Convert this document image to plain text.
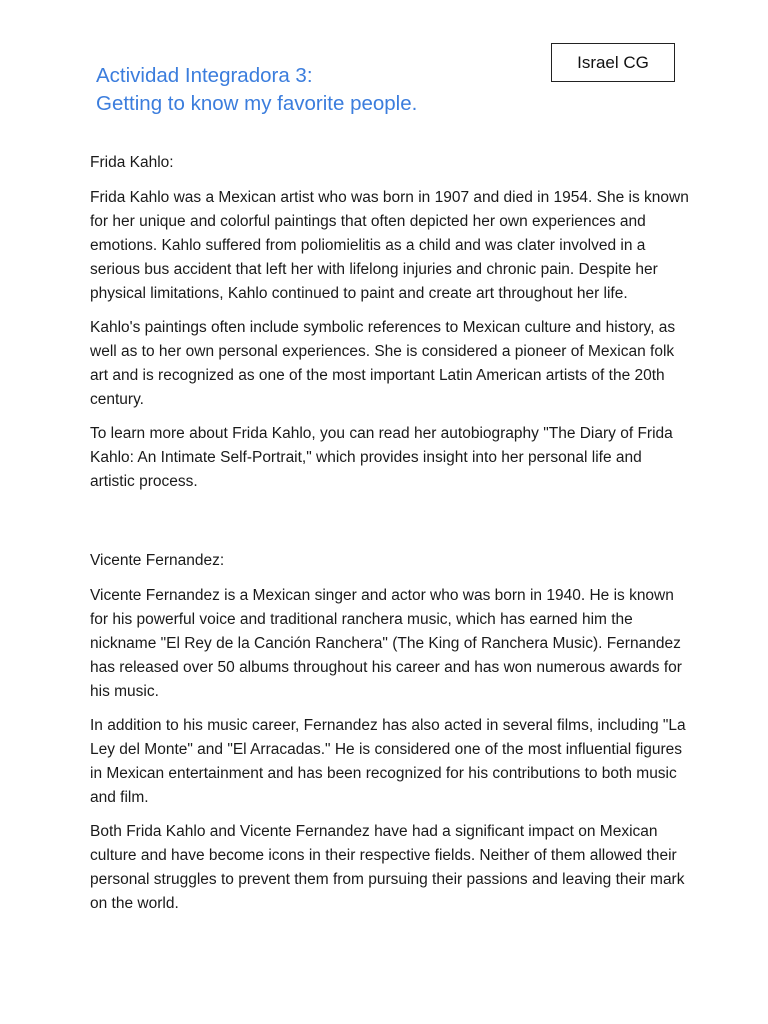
Israel CG
Actividad Integradora 3:
Getting to know my favorite people.

Frida Kahlo:

Frida Kahlo was a Mexican artist who was born in 1907 and died in 1954. She is known for her unique and colorful paintings that often depicted her own experiences and emotions. Kahlo suffered from poliomielitis as a child and was clater involved in a serious bus accident that left her with lifelong injuries and chronic pain. Despite her physical limitations, Kahlo continued to paint and create art throughout her life.

Kahlo's paintings often include symbolic references to Mexican culture and history, as well as to her own personal experiences. She is considered a pioneer of Mexican folk art and is recognized as one of the most important Latin American artists of the 20th century.

To learn more about Frida Kahlo, you can read her autobiography "The Diary of Frida Kahlo: An Intimate Self-Portrait," which provides insight into her personal life and artistic process.

Vicente Fernandez:

Vicente Fernandez is a Mexican singer and actor who was born in 1940. He is known for his powerful voice and traditional ranchera music, which has earned him the nickname "El Rey de la Canción Ranchera" (The King of Ranchera Music). Fernandez has released over 50 albums throughout his career and has won numerous awards for his music.

In addition to his music career, Fernandez has also acted in several films, including "La Ley del Monte" and "El Arracadas." He is considered one of the most influential figures in Mexican entertainment and has been recognized for his contributions to both music and film.

Both Frida Kahlo and Vicente Fernandez have had a significant impact on Mexican culture and have become icons in their respective fields. Neither of them allowed their personal struggles to prevent them from pursuing their passions and leaving their mark on the world.
